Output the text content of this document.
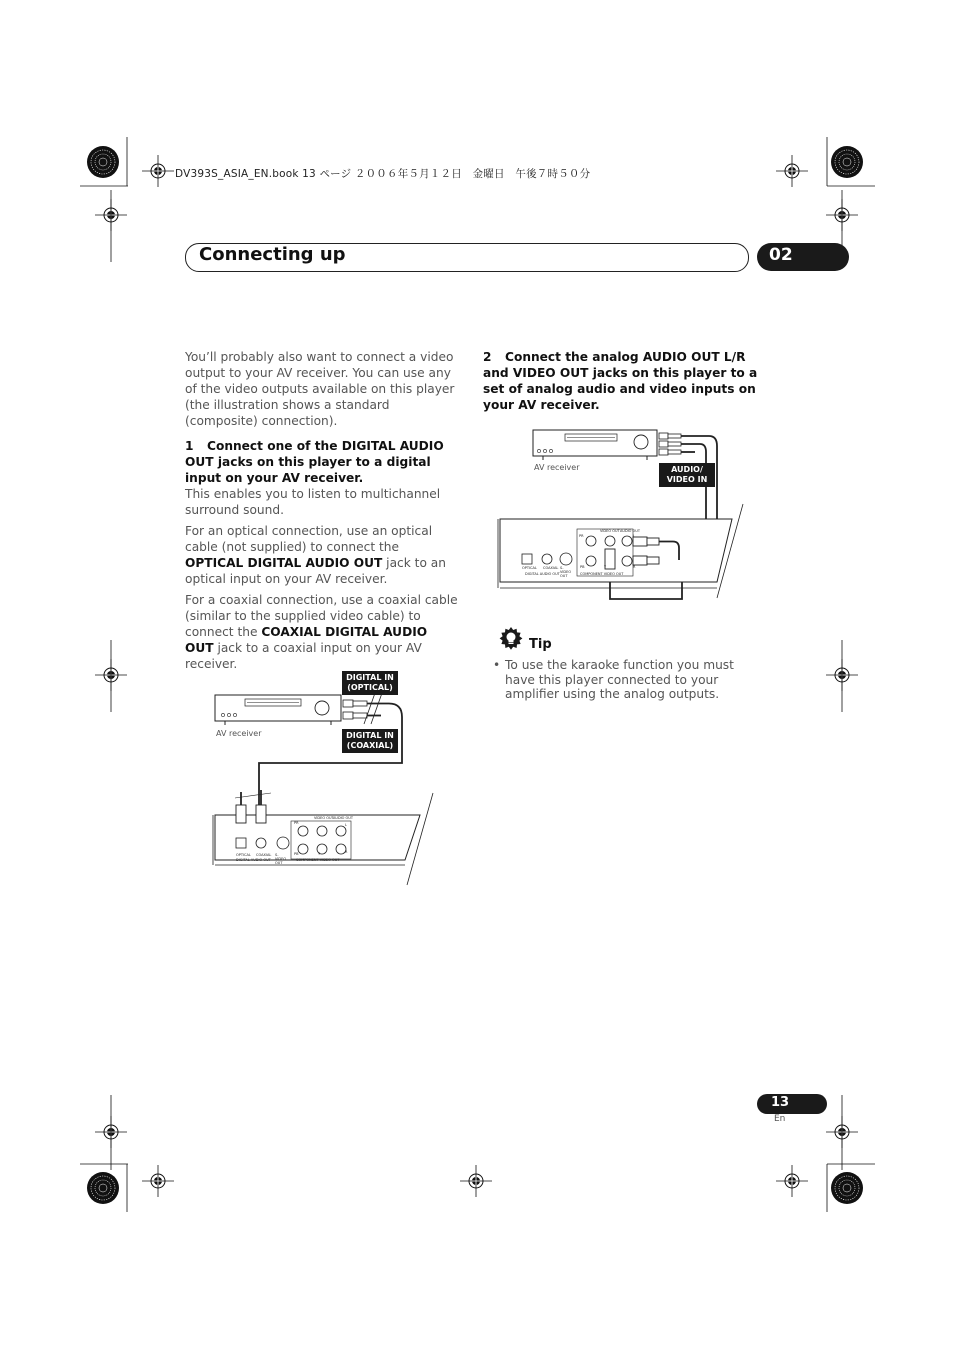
DV393S_ASIA_EN.book 13 ページ ２００６年５月１２日　金曜日　午後７時５０分
Connecting up	02

You’ll probably also want to connect a video output to your AV receiver. You can use any of the video outputs available on this player (the illustration shows a standard (composite) connection).

1 Connect one of the DIGITAL AUDIO OUT jacks on this player to a digital input on your AV receiver.

This enables you to listen to multichannel surround sound.

For an optical connection, use an optical cable (not supplied) to connect the OPTICAL DIGITAL AUDIO OUT jack to an optical input on your AV receiver.

For a coaxial connection, use a coaxial cable (similar to the supplied video cable) to connect the COAXIAL DIGITAL AUDIO OUT jack to a coaxial input on your AV receiver.

2 Connect the analog AUDIO OUT L/R and VIDEO OUT jacks on this player to a set of analog audio and video inputs on your AV receiver.

AV receiver
DIGITAL IN (OPTICAL)
DIGITAL IN (COAXIAL)
OPTICAL COAXIAL
DIGITAL AUDIO OUT
S-VIDEO OUT
COMPONENT VIDEO OUT
VIDEO OUT AUDIO OUT
PR
PB	Y
L
R
AV receiver	AUDIO/ VIDEO IN
OPTICAL COAXIAL
DIGITAL AUDIO OUT
S-VIDEO OUT	COMPONENT VIDEO OUT
VIDEO OUT AUDIO OUT
PR
PB	Y
L
R
Tip
• To use the karaoke function you must have this player connected to your amplifier using the analog outputs.
13
En
